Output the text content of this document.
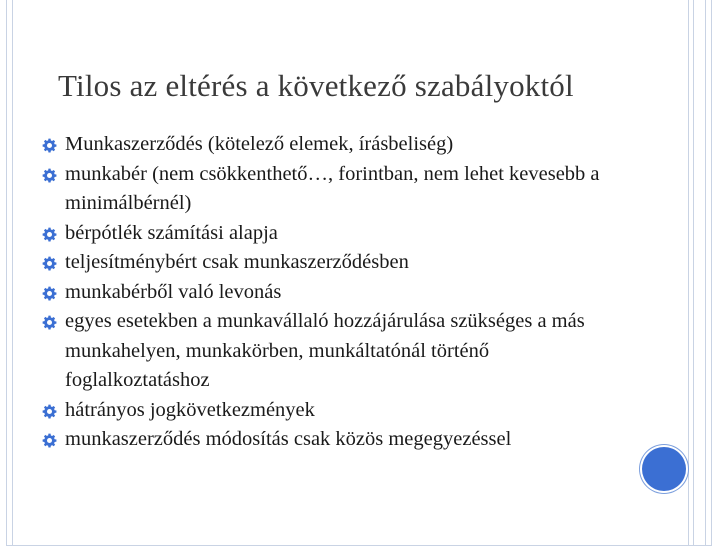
Tilos az eltérés a következő szabályoktól
Munkaszerződés (kötelező elemek, írásbeliség)
munkabér (nem csökkenthető…, forintban, nem lehet kevesebb a minimálbérnél)
bérpótlék számítási alapja
teljesítménybért csak munkaszerződésben
munkabérből való levonás
egyes esetekben a munkavállaló hozzájárulása szükséges a más munkahelyen, munkakörben, munkáltatónál történő foglalkoztatáshoz
hátrányos jogkövetkezmények
munkaszerződés módosítás csak közös megegyezéssel
